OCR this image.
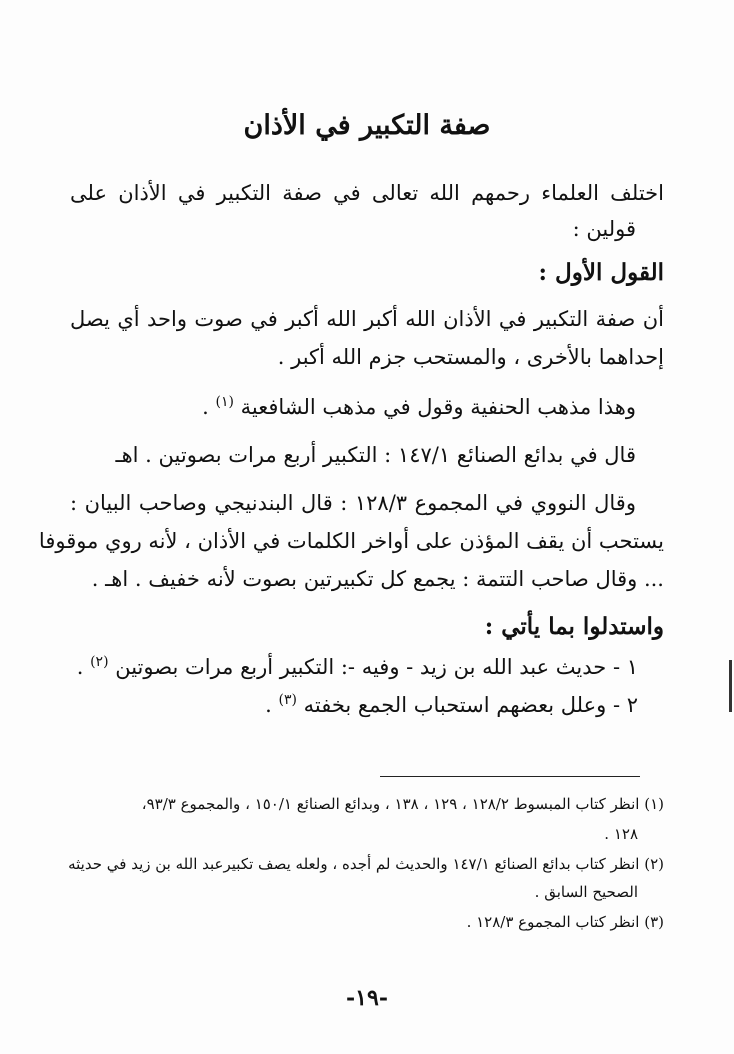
صفة التكبير في الأذان
اختلف العلماء رحمهم الله تعالى في صفة التكبير في الأذان على
قولين :
القول الأول :
أن صفة التكبير في الأذان الله أكبر الله أكبر في صوت واحد أي يصل
إحداهما بالأخرى ، والمستحب جزم الله أكبر .
وهذا مذهب الحنفية وقول في مذهب الشافعية $^{(١)}$ .
قال في بدائع الصنائع ١٤٧/١ : التكبير أربع مرات بصوتين . اهـ
وقال النووي في المجموع ١٢٨/٣ : قال البندنيجي وصاحب البيان :
يستحب أن يقف المؤذن على أواخر الكلمات في الأذان ، لأنه روي موقوفا
... وقال صاحب التتمة : يجمع كل تكبيرتين بصوت لأنه خفيف . اهـ .
واستدلوا بما يأتي :
١ - حديث عبد الله بن زيد - وفيه -: التكبير أربع مرات بصوتين $^{(٢)}$ .
٢ - وعلل بعضهم استحباب الجمع بخفته $^{(٣)}$ .
(١) انظر كتاب المبسوط ١٢٨/٢ ، ١٢٩ ، ١٣٨ ، وبدائع الصنائع ١٥٠/١ ، والمجموع ٩٣/٣،
١٢٨ .
(٢) انظر كتاب بدائع الصنائع ١٤٧/١ والحديث لم أجده ، ولعله يصف تكبيرعبد الله بن زيد في حديثه
الصحيح السابق .
(٣) انظر كتاب المجموع ١٢٨/٣ .
-١٩-
